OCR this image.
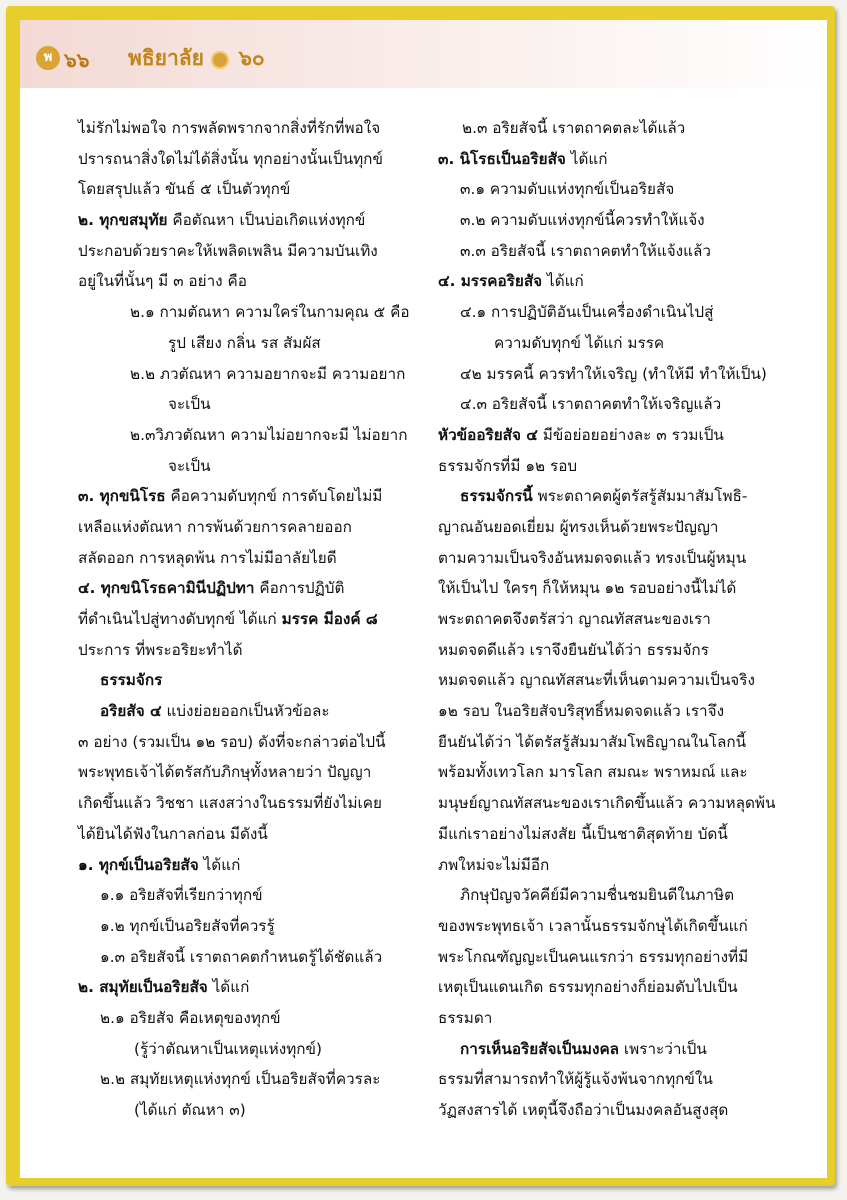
พ ๖๖ พธิยาลัย ๖๐
ไม่รักไม่พอใจ การพลัดพรากจากสิ่งที่รักที่พอใจ
ปรารถนาสิ่งใดไม่ได้สิ่งนั้น ทุกอย่างนั้นเป็นทุกข์
โดยสรุปแล้ว ขันธ์ ๕ เป็นตัวทุกข์
๒. ทุกขสมุทัย คือตัณหา เป็นบ่อเกิดแห่งทุกข์
ประกอบด้วยราคะให้เพลิดเพลิน มีความบันเทิง
อยู่ในที่นั้นๆ มี ๓ อย่าง คือ
๒.๑ กามตัณหา ความใคร่ในกามคุณ ๕ คือ
รูป เสียง กลิ่น รส สัมผัส
๒.๒ ภวตัณหา ความอยากจะมี ความอยาก
จะเป็น
๒.๓วิภวตัณหา ความไม่อยากจะมี ไม่อยาก
จะเป็น
๓. ทุกขนิโรธ คือความดับทุกข์ การดับโดยไม่มี
เหลือแห่งตัณหา การพ้นด้วยการคลายออก
สลัดออก การหลุดพ้น การไม่มีอาลัยไยดี
๔. ทุกขนิโรธคามินีปฏิปทา คือการปฏิบัติ
ที่ดำเนินไปสู่ทางดับทุกข์ ได้แก่ มรรค มีองค์ ๘
ประการ ที่พระอริยะทำได้
ธรรมจักร
อริยสัจ ๔ แบ่งย่อยออกเป็นหัวข้อละ
๓ อย่าง (รวมเป็น ๑๒ รอบ) ดังที่จะกล่าวต่อไปนี้
พระพุทธเจ้าได้ตรัสกับภิกษุทั้งหลายว่า ปัญญา
เกิดขึ้นแล้ว วิชชา แสงสว่างในธรรมที่ยังไม่เคย
ได้ยินได้ฟังในกาลก่อน มีดังนี้
๑. ทุกข์เป็นอริยสัจ ได้แก่
๑.๑ อริยสัจที่เรียกว่าทุกข์
๑.๒ ทุกข์เป็นอริยสัจที่ควรรู้
๑.๓ อริยสัจนี้ เราตถาคตกำหนดรู้ได้ชัดแล้ว
๒. สมุทัยเป็นอริยสัจ ได้แก่
๒.๑ อริยสัจ คือเหตุของทุกข์
(รู้ว่าตัณหาเป็นเหตุแห่งทุกข์)
๒.๒ สมุทัยเหตุแห่งทุกข์ เป็นอริยสัจที่ควรละ
(ได้แก่ ตัณหา ๓)
๒.๓ อริยสัจนี้ เราตถาคตละได้แล้ว
๓. นิโรธเป็นอริยสัจ ได้แก่
๓.๑ ความดับแห่งทุกข์เป็นอริยสัจ
๓.๒ ความดับแห่งทุกข์นี้ควรทำให้แจ้ง
๓.๓ อริยสัจนี้ เราตถาคตทำให้แจ้งแล้ว
๔. มรรคอริยสัจ ได้แก่
๔.๑ การปฏิบัติอันเป็นเครื่องดำเนินไปสู่
ความดับทุกข์ ได้แก่ มรรค
๔๒ มรรคนี้ ควรทำให้เจริญ (ทำให้มี ทำให้เป็น)
๔.๓ อริยสัจนี้ เราตถาคตทำให้เจริญแล้ว
หัวข้ออริยสัจ ๔ มีข้อย่อยอย่างละ ๓ รวมเป็น
ธรรมจักรที่มี ๑๒ รอบ
ธรรมจักรนี้ พระตถาคตผู้ตรัสรู้สัมมาสัมโพธิ-
ญาณอันยอดเยี่ยม ผู้ทรงเห็นด้วยพระปัญญา
ตามความเป็นจริงอันหมดจดแล้ว ทรงเป็นผู้หมุน
ให้เป็นไป ใครๆ ก็ให้หมุน ๑๒ รอบอย่างนี้ไม่ได้
พระตถาคตจึงตรัสว่า ญาณทัสสนะของเรา
หมดจดดีแล้ว เราจึงยืนยันได้ว่า ธรรมจักร
หมดจดแล้ว ญาณทัสสนะที่เห็นตามความเป็นจริง
๑๒ รอบ ในอริยสัจบริสุทธิ์หมดจดแล้ว เราจึง
ยืนยันได้ว่า ได้ตรัสรู้สัมมาสัมโพธิญาณในโลกนี้
พร้อมทั้งเทวโลก มารโลก สมณะ พราหมณ์ และ
มนุษย์ญาณทัสสนะของเราเกิดขึ้นแล้ว ความหลุดพ้น
มีแก่เราอย่างไม่สงสัย นี้เป็นชาติสุดท้าย บัดนี้
ภพใหม่จะไม่มีอีก
ภิกษุปัญจวัคคีย์มีความชื่นชมยินดีในภาษิต
ของพระพุทธเจ้า เวลานั้นธรรมจักษุได้เกิดขึ้นแก่
พระโกณฑัญญะเป็นคนแรกว่า ธรรมทุกอย่างที่มี
เหตุเป็นแดนเกิด ธรรมทุกอย่างก็ย่อมดับไปเป็น
ธรรมดา
การเห็นอริยสัจเป็นมงคล เพราะว่าเป็น
ธรรมที่สามารถทำให้ผู้รู้แจ้งพ้นจากทุกข์ใน
วัฏสงสารได้ เหตุนี้จึงถือว่าเป็นมงคลอันสูงสุด
